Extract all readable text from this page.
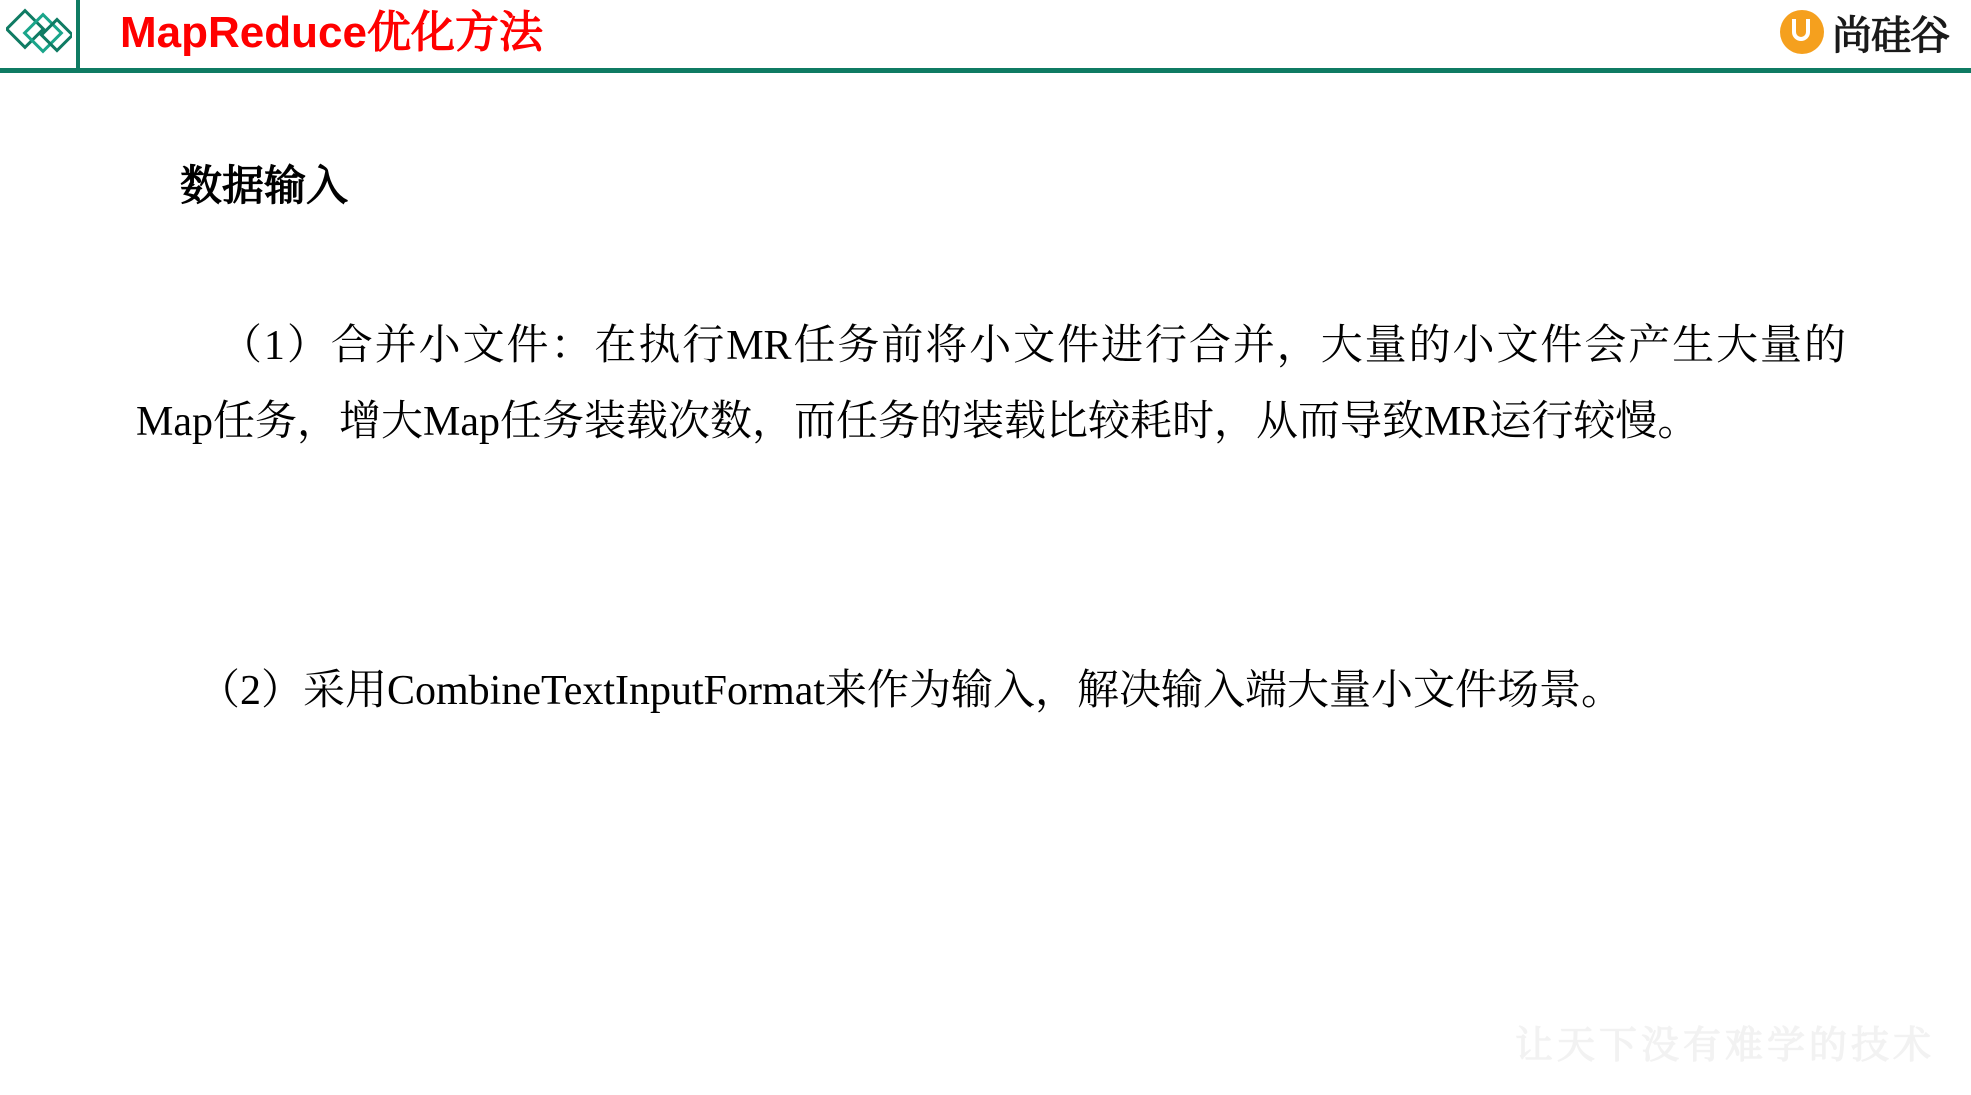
MapReduce优化方法	尚硅谷
数据输入
（1）合并小文件：在执行MR任务前将小文件进行合并，大量的小文件会产生大量的Map任务，增大Map任务装载次数，而任务的装载比较耗时，从而导致MR运行较慢。
（2）采用CombineTextInputFormat来作为输入，解决输入端大量小文件场景。
让天下没有难学的技术
